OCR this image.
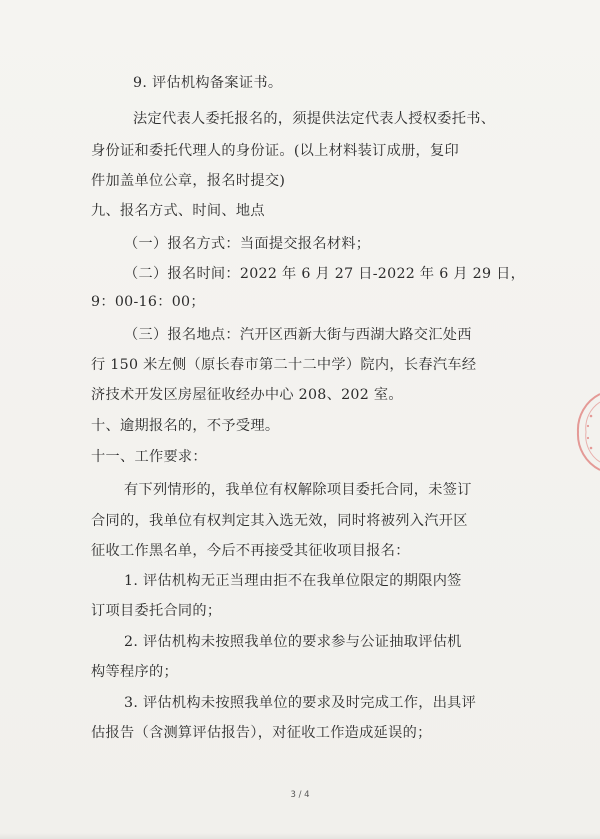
9. 评估机构备案证书。
法定代表人委托报名的，须提供法定代表人授权委托书、
身份证和委托代理人的身份证。(以上材料装订成册，复印
件加盖单位公章，报名时提交)
九、报名方式、时间、地点
（一）报名方式：当面提交报名材料；
（二）报名时间：2022 年 6 月 27 日-2022 年 6 月 29 日，
9：00-16：00；
（三）报名地点：汽开区西新大街与西湖大路交汇处西
行 150 米左侧（原长春市第二十二中学）院内，长春汽车经
济技术开发区房屋征收经办中心 208、202 室。
十、逾期报名的，不予受理。
十一、工作要求：
有下列情形的，我单位有权解除项目委托合同，未签订
合同的，我单位有权判定其入选无效，同时将被列入汽开区
征收工作黑名单，今后不再接受其征收项目报名：
1. 评估机构无正当理由拒不在我单位限定的期限内签
订项目委托合同的；
2. 评估机构未按照我单位的要求参与公证抽取评估机
构等程序的；
3. 评估机构未按照我单位的要求及时完成工作，出具评
估报告（含测算评估报告），对征收工作造成延误的；
3 / 4
